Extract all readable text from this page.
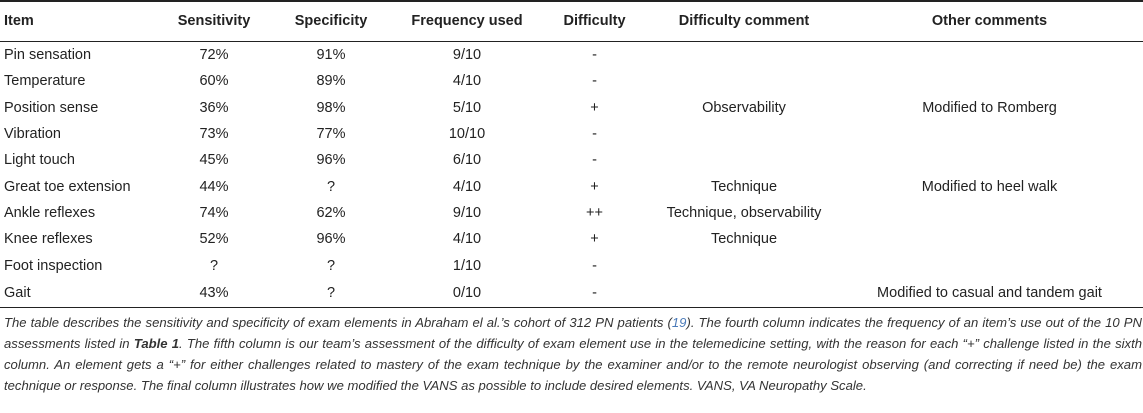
Item	Sensitivity	Specificity	Frequency used	Difficulty	Difficulty comment	Other comments
Pin sensation	72%	91%	9/10	-		
Temperature	60%	89%	4/10	-		
Position sense	36%	98%	5/10	+	Observability	Modified to Romberg
Vibration	73%	77%	10/10	-		
Light touch	45%	96%	6/10	-		
Great toe extension	44%	?	4/10	+	Technique	Modified to heel walk
Ankle reflexes	74%	62%	9/10	++	Technique, observability	
Knee reflexes	52%	96%	4/10	+	Technique	
Foot inspection	?	?	1/10	-		
Gait	43%	?	0/10	-		Modified to casual and tandem gait

The table describes the sensitivity and specificity of exam elements in Abraham el al.’s cohort of 312 PN patients (19). The fourth column indicates the frequency of an item’s use out of the 10 PN assessments listed in Table 1. The fifth column is our team’s assessment of the difficulty of exam element use in the telemedicine setting, with the reason for each “+” challenge listed in the sixth column. An element gets a “+” for either challenges related to mastery of the exam technique by the examiner and/or to the remote neurologist observing (and correcting if need be) the exam technique or response. The final column illustrates how we modified the VANS as possible to include desired elements. VANS, VA Neuropathy Scale.
